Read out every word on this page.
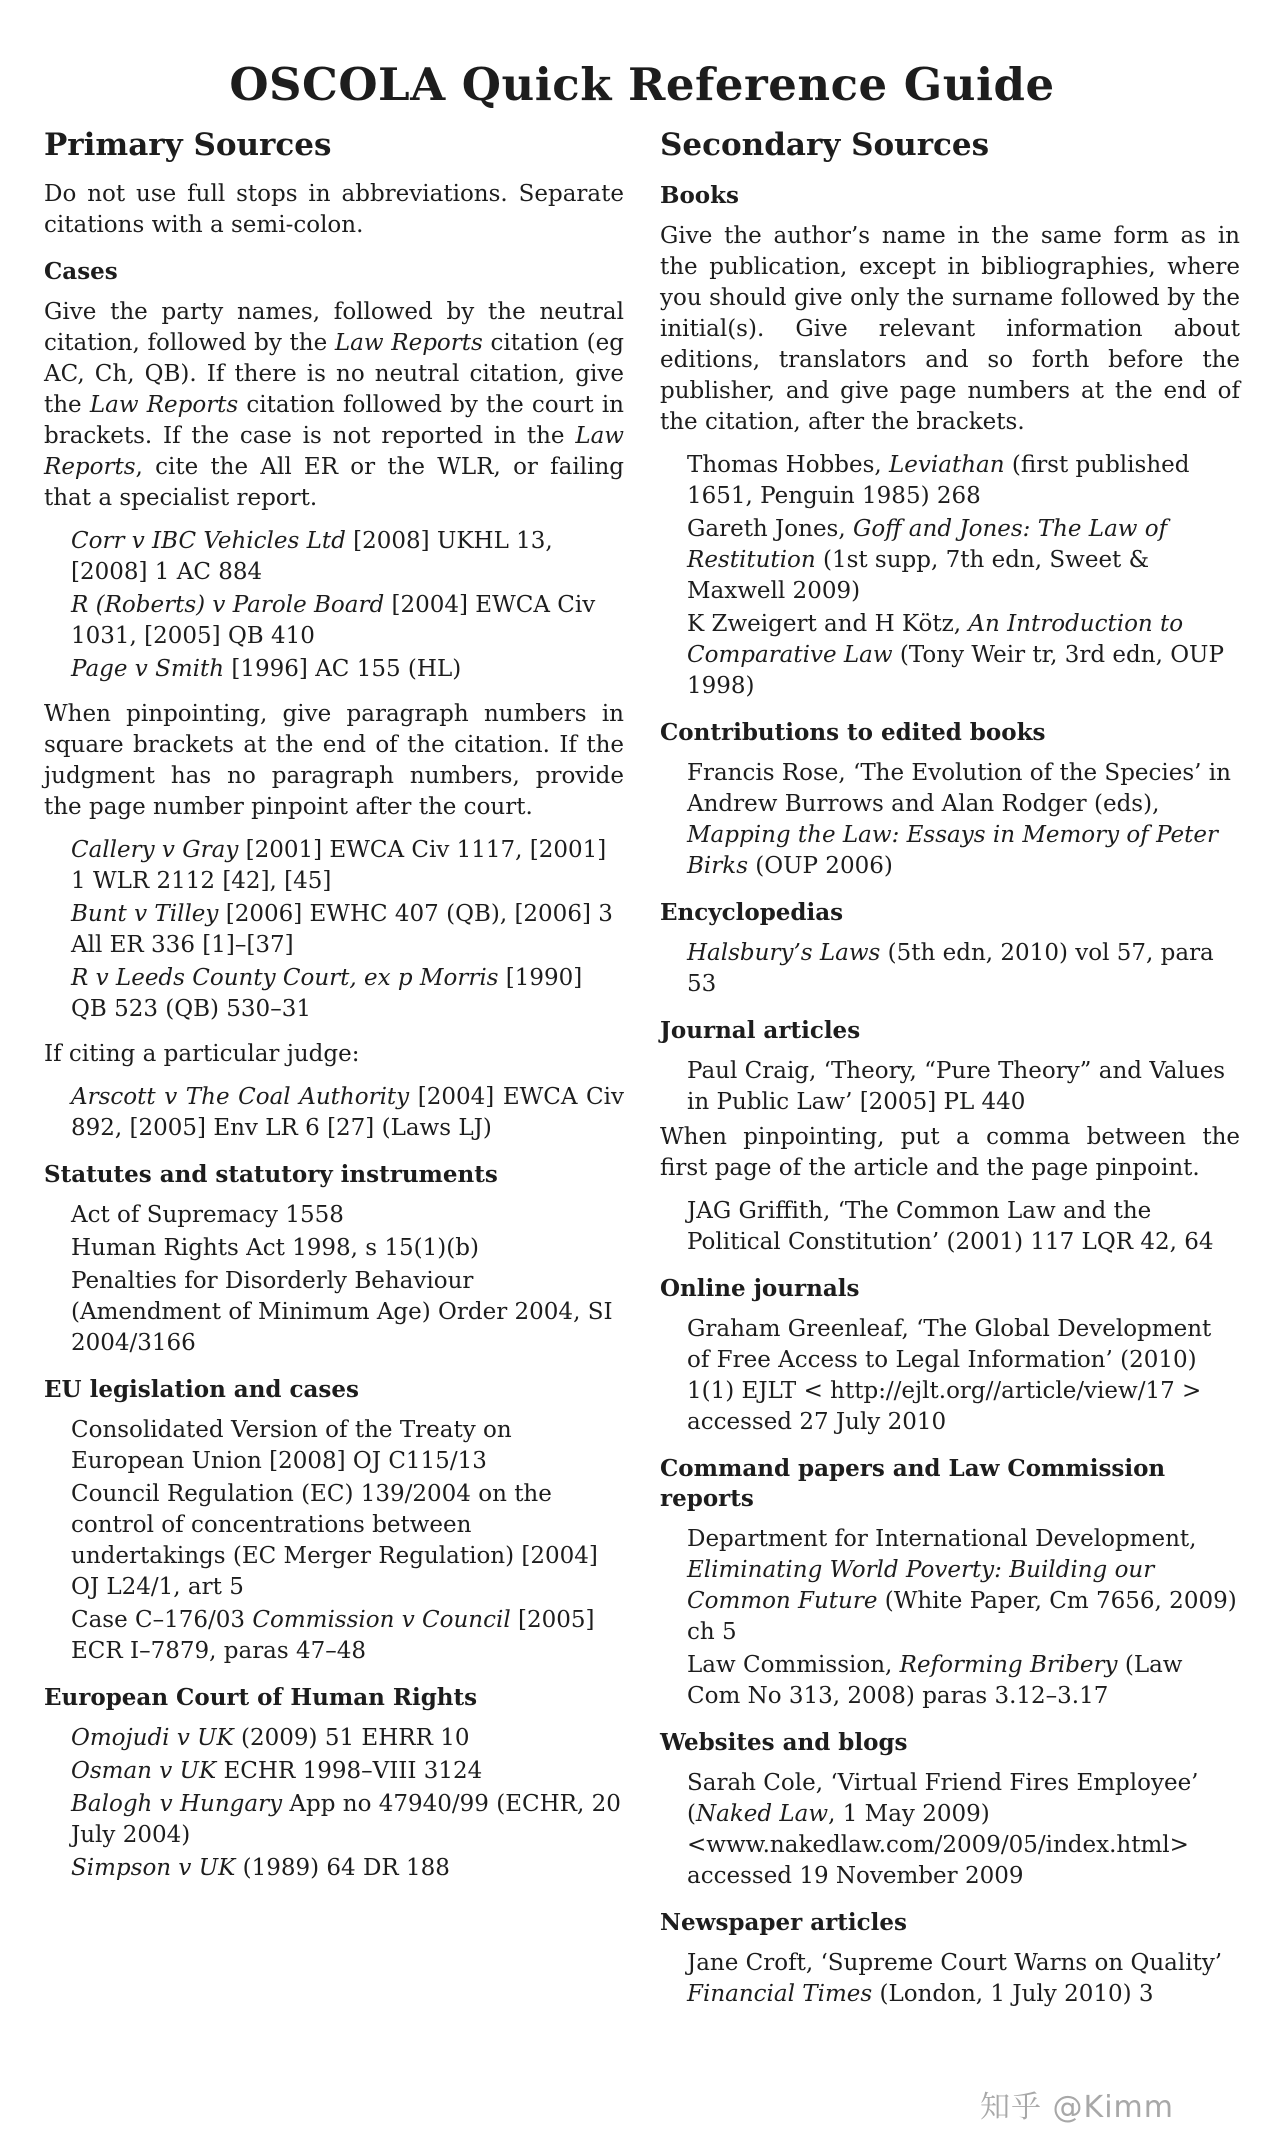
OSCOLA Quick Reference Guide
Primary Sources

Do not use full stops in abbreviations. Separate citations with a semi-colon.

Cases

Give the party names, followed by the neutral citation, followed by the Law Reports citation (eg AC, Ch, QB). If there is no neutral citation, give the Law Reports citation followed by the court in brackets. If the case is not reported in the Law Reports, cite the All ER or the WLR, or failing that a specialist report.

Corr v IBC Vehicles Ltd [2008] UKHL 13, [2008] 1 AC 884
R (Roberts) v Parole Board [2004] EWCA Civ 1031, [2005] QB 410
Page v Smith [1996] AC 155 (HL)

When pinpointing, give paragraph numbers in square brackets at the end of the citation. If the judgment has no paragraph numbers, provide the page number pinpoint after the court.

Callery v Gray [2001] EWCA Civ 1117, [2001] 1 WLR 2112 [42], [45]
Bunt v Tilley [2006] EWHC 407 (QB), [2006] 3 All ER 336 [1]–[37]
R v Leeds County Court, ex p Morris [1990] QB 523 (QB) 530–31

If citing a particular judge:

Arscott v The Coal Authority [2004] EWCA Civ 892, [2005] Env LR 6 [27] (Laws LJ)
Statutes and statutory instruments
Act of Supremacy 1558
Human Rights Act 1998, s 15(1)(b)
Penalties for Disorderly Behaviour (Amendment of Minimum Age) Order 2004, SI 2004/3166
EU legislation and cases
Consolidated Version of the Treaty on European Union [2008] OJ C115/13
Council Regulation (EC) 139/2004 on the control of concentrations between undertakings (EC Merger Regulation) [2004] OJ L24/1, art 5
Case C–176/03 Commission v Council [2005] ECR I–7879, paras 47–48
European Court of Human Rights
Omojudi v UK (2009) 51 EHRR 10
Osman v UK ECHR 1998–VIII 3124
Balogh v Hungary App no 47940/99 (ECHR, 20 July 2004)
Simpson v UK (1989) 64 DR 188
Secondary Sources
Books

Give the author’s name in the same form as in the publication, except in bibliographies, where you should give only the surname followed by the initial(s). Give relevant information about editions, translators and so forth before the publisher, and give page numbers at the end of the citation, after the brackets.

Thomas Hobbes, Leviathan (first published 1651, Penguin 1985) 268
Gareth Jones, Goff and Jones: The Law of Restitution (1st supp, 7th edn, Sweet & Maxwell 2009)
K Zweigert and H Kötz, An Introduction to Comparative Law (Tony Weir tr, 3rd edn, OUP 1998)
Contributions to edited books
Francis Rose, ‘The Evolution of the Species’ in Andrew Burrows and Alan Rodger (eds), Mapping the Law: Essays in Memory of Peter Birks (OUP 2006)
Encyclopedias
Halsbury’s Laws (5th edn, 2010) vol 57, para 53
Journal articles
Paul Craig, ‘Theory, “Pure Theory” and Values in Public Law’ [2005] PL 440

When pinpointing, put a comma between the first page of the article and the page pinpoint.

JAG Griffith, ‘The Common Law and the Political Constitution’ (2001) 117 LQR 42, 64
Online journals
Graham Greenleaf, ‘The Global Development of Free Access to Legal Information’ (2010) 1(1) EJLT < http://ejlt.org//article/view/17 > accessed 27 July 2010
Command papers and Law Commission reports
Department for International Development, Eliminating World Poverty: Building our Common Future (White Paper, Cm 7656, 2009) ch 5
Law Commission, Reforming Bribery (Law Com No 313, 2008) paras 3.12–3.17
Websites and blogs
Sarah Cole, ‘Virtual Friend Fires Employee’ (Naked Law, 1 May 2009) <www.nakedlaw.com/2009/05/index.html> accessed 19 November 2009
Newspaper articles
Jane Croft, ‘Supreme Court Warns on Quality’ Financial Times (London, 1 July 2010) 3
知乎 @Kimm
